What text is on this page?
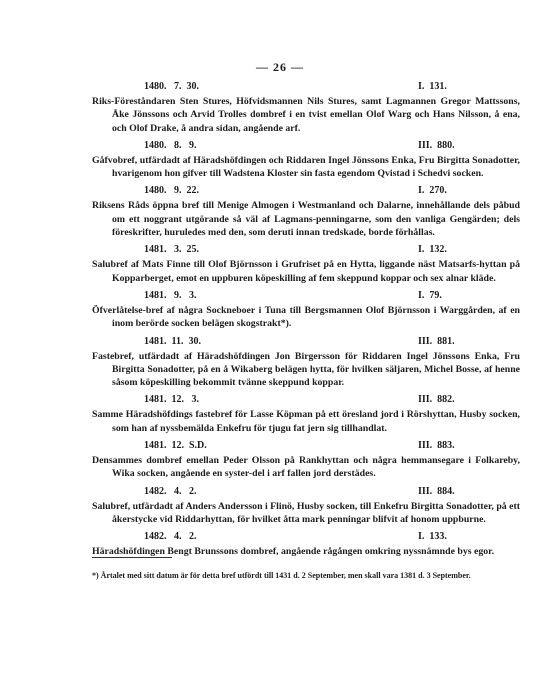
— 26 —
1480.   7.  30.	I.  131.
Riks-Föreståndaren Sten Stures, Höfvidsmannen Nils Stures, samt Lagmannen Gregor Mattssons, Åke Jönssons och Arvid Trolles dombref i en tvist emellan Olof Warg och Hans Nilsson, å ena, och Olof Drake, å andra sidan, angående arf.
1480.   8.   9.	III.  880.
Gåfvobref, utfärdadt af Häradshöfdingen och Riddaren Ingel Jönssons Enka, Fru Birgitta Sonadotter, hvarigenom hon gifver till Wadstena Kloster sin fasta egendom Qvistad i Schedvi socken.
1480.   9.  22.	I.  270.
Riksens Råds öppna bref till Menige Almogen i Westmanland och Dalarne, innehållande dels påbud om ett noggrant utgörande så väl af Lagmans-penningarne, som den vanliga Gengärden; dels föreskrifter, huruledes med den, som deruti innan tredskade, borde förhållas.
1481.   3.  25.	I.  132.
Salubref af Mats Finne till Olof Björnsson i Grufriset på en Hytta, liggande näst Matsarfs-hyttan på Kopparberget, emot en uppburen köpeskilling af fem skeppund koppar och sex alnar kläde.
1481.   9.   3.	I.  79.
Öfverlåtelse-bref af några Sockneboer i Tuna till Bergsmannen Olof Björnsson i Warggården, af en inom berörde socken belägen skogstrakt*).
1481.  11.  30.	III.  881.
Fastebref, utfärdadt af Häradshöfdingen Jon Birgersson för Riddaren Ingel Jönssons Enka, Fru Birgitta Sonadotter, på en å Wikaberg belägen hytta, för hvilken säljaren, Michel Bosse, af henne såsom köpeskilling bekommit tvänne skeppund koppar.
1481.  12.   3.	III.  882.
Samme Häradshöfdings fastebref för Lasse Köpman på ett öresland jord i Rörshyttan, Husby socken, som han af nyssbemälda Enkefru för tjugu fat jern sig tillhandlat.
1481.  12.  S.D.	III.  883.
Densammes dombref emellan Peder Olsson på Rankhyttan och några hemmansegare i Folkareby, Wika socken, angående en syster-del i arf fallen jord derstädes.
1482.   4.   2.	III.  884.
Salubref, utfärdadt af Anders Andersson i Flinö, Husby socken, till Enkefru Birgitta Sonadotter, på ett åkerstycke vid Riddarhyttan, för hvilket åtta mark penningar blifvit af honom uppburne.
1482.   4.   2.	I.  133.
Häradshöfdingen Bengt Brunssons dombref, angående rågången omkring nyssnämnde bys egor.
*) Årtalet med sitt datum är för detta bref utfördt till 1431 d. 2 September, men skall vara 1381 d. 3 September.
